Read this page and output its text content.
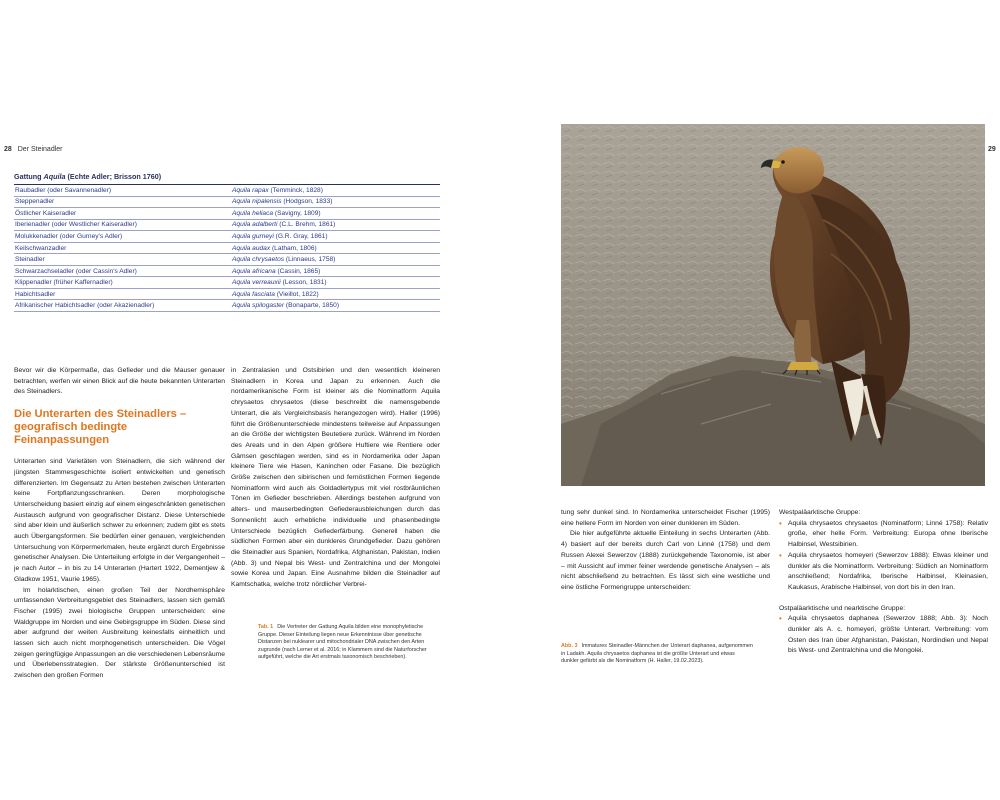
28 Der Steinadler	29
Gattung Aquila (Echte Adler; Brisson 1760)
Raubadler (oder Savannenadler)	Aquila rapax (Temminck, 1828)
Steppenadler	Aquila nipalensis (Hodgson, 1833)
Östlicher Kaiseradler	Aquila heliaca (Savigny, 1809)
Iberienadler (oder Westlicher Kaiseradler)	Aquila adalberti (C.L. Brehm, 1861)
Molukkenadler (oder Gurney's Adler)	Aquila gurneyi (G.R. Gray, 1861)
Keilschwanzadler	Aquila audax (Latham, 1806)
Steinadler	Aquila chrysaetos (Linnaeus, 1758)
Schwarzachseladler (oder Cassin's Adler)	Aquila africana (Cassin, 1865)
Klippenadler (früher Kaffernadler)	Aquila verreauxii (Lesson, 1831)
Habichtsadler	Aquila fasciata (Vieillot, 1822)
Afrikanischer Habichtsadler (oder Akazienadler)	Aquila spilogaster (Bonaparte, 1850)

Bevor wir die Körpermaße, das Gefieder und die Mauser genauer betrachten, werfen wir einen Blick auf die heute bekannten Unterarten des Steinadlers.

Die Unterarten des Steinadlers – geografisch bedingte Feinanpassungen

Unterarten sind Varietäten von Steinadlern, die sich während der jüngsten Stammesgeschichte isoliert entwickelten und genetisch differenzierten. Im Gegensatz zu Arten bestehen zwischen Unterarten keine Fortpflanzungsschranken. Deren morphologische Unterscheidung basiert einzig auf einem eingeschränkten genetischen Austausch aufgrund von geografischer Distanz. Diese Unterschiede sind aber klein und äußerlich schwer zu erkennen; zudem gibt es stets auch Übergangsformen. Sie bedürfen einer genauen, vergleichenden Untersuchung von Körpermerkmalen, heute ergänzt durch Ergebnisse genetischer Analysen. Die Unterteilung erfolgte in der Vergangenheit – je nach Autor – in bis zu 14 Unterarten (Hartert 1922, Dementjew & Gladkow 1951, Vaurie 1965).

Im holarktischen, einen großen Teil der Nordhemisphäre umfassenden Verbreitungsgebiet des Steinadlers, lassen sich gemäß Fischer (1995) zwei biologische Gruppen unterscheiden: eine Waldgruppe im Norden und eine Gebirgsgruppe im Süden. Diese sind aber aufgrund der weiten Ausbreitung keinesfalls einheitlich und lassen sich auch nicht morphogenetisch unterscheiden. Die Vögel zeigen geringfügige Anpassungen an die verschiedenen Lebensräume und Überlebensstrategien. Der stärkste Größenunterschied ist zwischen den großen Formen

in Zentralasien und Ostsibirien und den wesentlich kleineren Steinadlern in Korea und Japan zu erkennen. Auch die nordamerikanische Form ist kleiner als die Nominatform Aquila chrysaetos chrysaetos (diese beschreibt die namensgebende Unterart, die als Vergleichsbasis herangezogen wird). Haller (1996) führt die Größenunterschiede mindestens teilweise auf Anpassungen an die Größe der wichtigsten Beutetiere zurück. Während im Norden des Areals und in den Alpen größere Huftiere wie Rentiere oder Gämsen geschlagen werden, sind es in Nordamerika oder Japan kleinere Tiere wie Hasen, Kaninchen oder Fasane. Die bezüglich Größe zwischen den sibirischen und fernöstlichen Formen liegende Nominatform wird auch als Goldadlertypus mit viel rostbräunlichen Tönen im Gefieder beschrieben. Allerdings bestehen aufgrund von alters- und mauserbedingten Gefiederausbleichungen durch das Sonnenlicht auch erhebliche individuelle und phasenbedingte Unterschiede bezüglich Gefiederfärbung. Generell haben die südlichen Formen aber ein dunkleres Grundgefieder. Dazu gehören die Steinadler aus Spanien, Nordafrika, Afghanistan, Pakistan, Indien (Abb. 3) und Nepal bis West- und Zentralchina und der Mongolei sowie Korea und Japan. Eine Ausnahme bilden die Steinadler auf Kamtschatka, welche trotz nördlicher Verbrei-

Tab. 1 Die Vertreter der Gattung Aquila bilden eine monophyletische Gruppe. Dieser Einteilung liegen neue Erkenntnisse über genetische Distanzen bei nuklearer und mitochondrialer DNA zwischen den Arten zugrunde (nach Lerner et al. 2016; in Klammern sind die Naturforscher aufgeführt, welche die Art erstmals taxonomisch beschrieben).

tung sehr dunkel sind. In Nordamerika unterscheidet Fischer (1995) eine hellere Form im Norden von einer dunkleren im Süden.

Die hier aufgeführte aktuelle Einteilung in sechs Unterarten (Abb. 4) basiert auf der bereits durch Carl von Linné (1758) und dem Russen Alexei Sewerzov (1888) zurückgehende Taxonomie, ist aber – mit Aussicht auf immer feiner werdende genetische Analysen – als nicht abschließend zu betrachten. Es lässt sich eine westliche und eine östliche Formengruppe unterscheiden:

Abb. 3 Immatures Steinadler-Männchen der Unterart daphanea, aufgenommen in Ladakh. Aquila chrysaetos daphanea ist die größte Unterart und etwas dunkler gefärbt als die Nominatform (H. Haller, 19.02.2023).

Westpaläarktische Gruppe:

• Aquila chrysaetos chrysaetos (Nominatform; Linné 1758): Relativ große, eher helle Form. Verbreitung: Europa ohne Iberische Halbinsel, Westsibirien.

• Aquila chrysaetos homeyeri (Sewerzov 1888): Etwas kleiner und dunkler als die Nominatform. Verbreitung: Südlich an Nominatform anschließend; Nordafrika, Iberische Halbinsel, Kleinasien, Kaukasus, Arabische Halbinsel, von dort bis in den Iran.

Ostpaläarktische und nearktische Gruppe:

• Aquila chrysaetos daphanea (Sewerzov 1888; Abb. 3): Noch dunkler als A. c. homeyeri, größte Unterart. Verbreitung: vom Osten des Iran über Afghanistan, Pakistan, Nordindien und Nepal bis West- und Zentralchina und die Mongolei.
